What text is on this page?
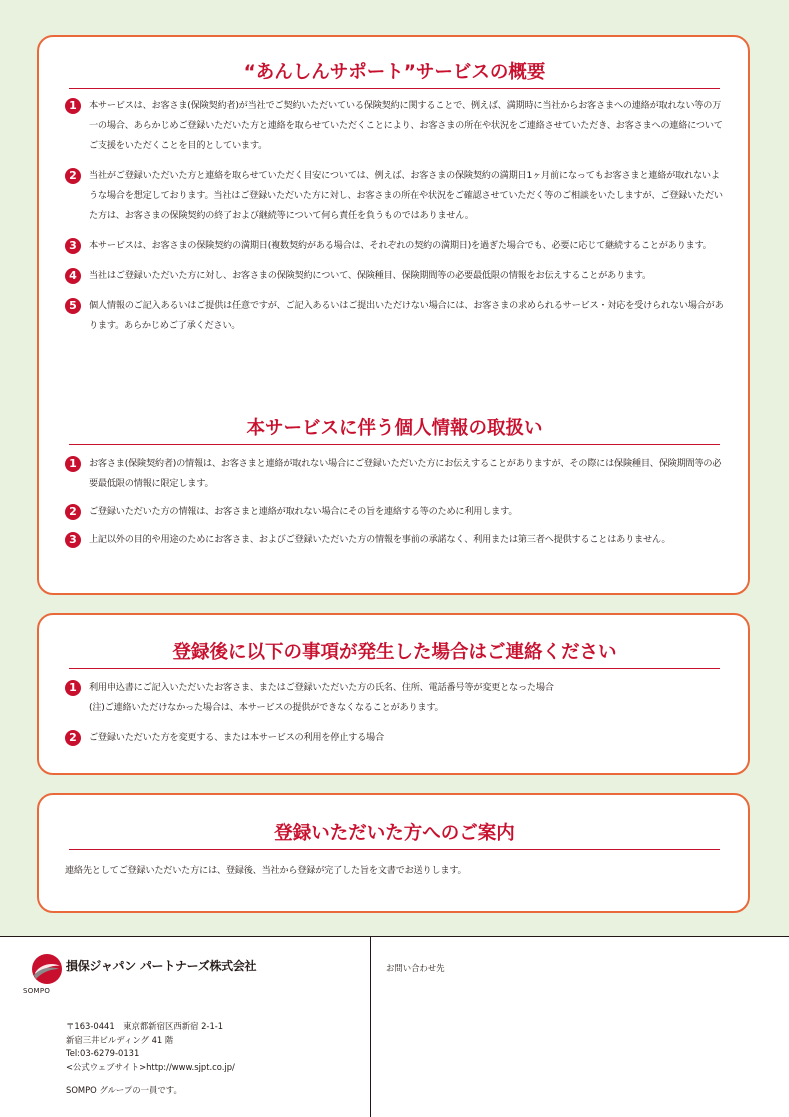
“あんしんサポート”サービスの概要
1	本サービスは、お客さま(保険契約者)が当社でご契約いただいている保険契約に関することで、例えば、満期時に当社からお客さまへの連絡が取れない等の万一の場合、あらかじめご登録いただいた方と連絡を取らせていただくことにより、お客さまの所在や状況をご連絡させていただき、お客さまへの連絡についてご支援をいただくことを目的としています。
2	当社がご登録いただいた方と連絡を取らせていただく目安については、例えば、お客さまの保険契約の満期日1ヶ月前になってもお客さまと連絡が取れないような場合を想定しております。当社はご登録いただいた方に対し、お客さまの所在や状況をご確認させていただく等のご相談をいたしますが、ご登録いただいた方は、お客さまの保険契約の終了および継続等について何ら責任を負うものではありません。
3	本サービスは、お客さまの保険契約の満期日(複数契約がある場合は、それぞれの契約の満期日)を過ぎた場合でも、必要に応じて継続することがあります。
4	当社はご登録いただいた方に対し、お客さまの保険契約について、保険種目、保険期間等の必要最低限の情報をお伝えすることがあります。
5	個人情報のご記入あるいはご提供は任意ですが、ご記入あるいはご提出いただけない場合には、お客さまの求められるサービス・対応を受けられない場合があります。あらかじめご了承ください。
本サービスに伴う個人情報の取扱い
1	お客さま(保険契約者)の情報は、お客さまと連絡が取れない場合にご登録いただいた方にお伝えすることがありますが、その際には保険種目、保険期間等の必要最低限の情報に限定します。
2	ご登録いただいた方の情報は、お客さまと連絡が取れない場合にその旨を連絡する等のために利用します。
3	上記以外の目的や用途のためにお客さま、およびご登録いただいた方の情報を事前の承諾なく、利用または第三者へ提供することはありません。
登録後に以下の事項が発生した場合はご連絡ください
1	利用申込書にご記入いただいたお客さま、またはご登録いただいた方の氏名、住所、電話番号等が変更となった場合
(注)ご連絡いただけなかった場合は、本サービスの提供ができなくなることがあります。
2	ご登録いただいた方を変更する、または本サービスの利用を停止する場合
登録いただいた方へのご案内

連絡先としてご登録いただいた方には、登録後、当社から登録が完了した旨を文書でお送りします。

SOMPO
損保ジャパン パートナーズ株式会社
〒163-0441　東京都新宿区西新宿 2-1-1
新宿三井ビルディング 41 階
Tel:03-6279-0131
<公式ウェブサイト>http://www.sjpt.co.jp/
SOMPO グループの一員です。
お問い合わせ先
